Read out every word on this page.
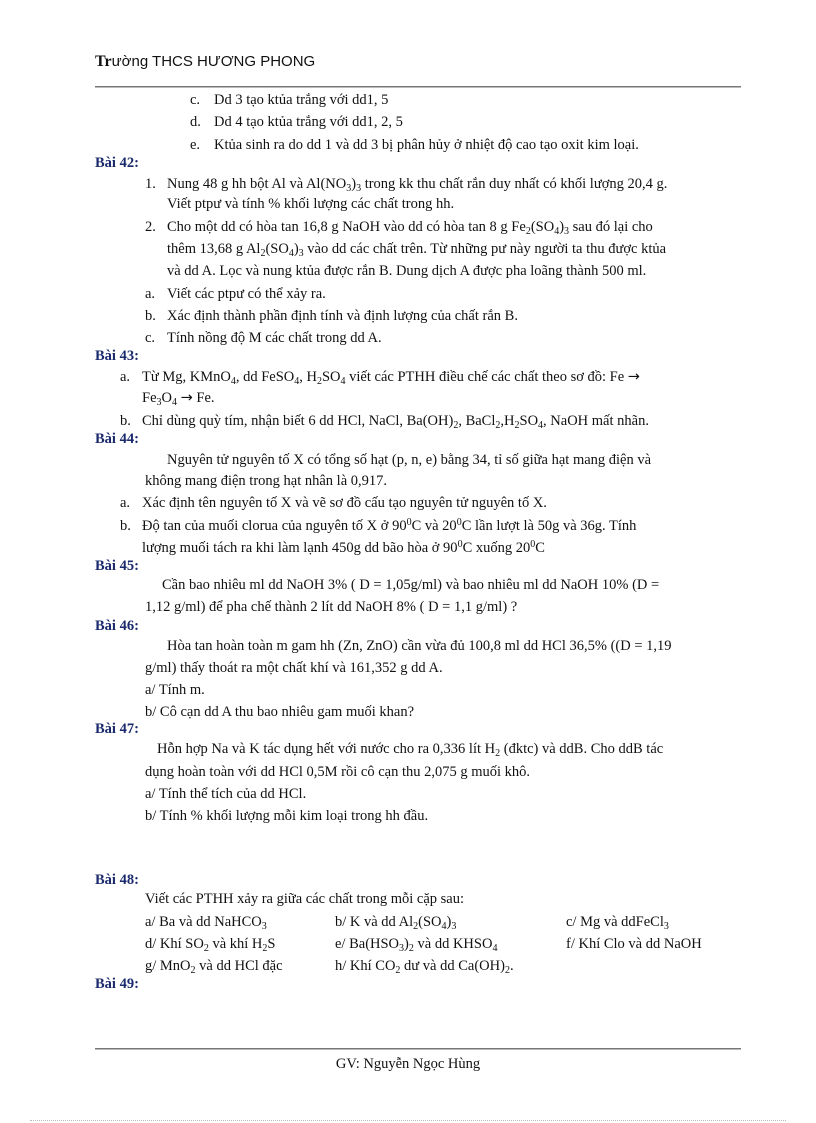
Trường THCS HƯƠNG PHONG
c. Dd 3 tạo ktủa trắng với dd1, 5
d. Dd 4 tạo ktủa trắng với dd1, 2, 5
e. Ktủa sinh ra do dd 1 và dd 3 bị phân hủy ở nhiệt độ cao tạo oxit kim loại.
Bài 42:
1. Nung 48 g hh bột Al và $Al(NO_3)_3$ trong kk thu chất rắn duy nhất có khối lượng 20,4 g.
Viết ptpư và tính % khối lượng các chất trong hh.
2. Cho một dd có hòa tan 16,8 g NaOH vào dd có hòa tan 8 g $Fe_2(SO_4)_3$ sau đó lại cho
thêm 13,68 g $Al_2(SO_4)_3$ vào dd các chất trên. Từ những pư này người ta thu được ktủa
và dd A. Lọc và nung ktủa được rắn B. Dung dịch A được pha loãng thành 500 ml.
a. Viết các ptpư có thể xảy ra.
b. Xác định thành phần định tính và định lượng của chất rắn B.
c. Tính nồng độ M các chất trong dd A.
Bài 43:
a. Từ Mg, KMnO$_4$, dd FeSO$_4$, $H_2SO_4$ viết các PTHH điều chế các chất theo sơ đồ: Fe →
$Fe_3O_4 \to Fe$.
b. Chỉ dùng quỳ tím, nhận biết 6 dd HCl, NaCl, $Ba(OH)_2$, $BaCl_2,H_2SO_4$, NaOH mất nhãn.
Bài 44:
Nguyên tử nguyên tố X có tổng số hạt (p, n, e) bằng 34, tỉ số giữa hạt mang điện và
không mang điện trong hạt nhân là 0,917.
a. Xác định tên nguyên tố X và vẽ sơ đồ cấu tạo nguyên tử nguyên tố X.
b. Độ tan của muối clorua của nguyên tố X ở $90^0C$ và $20^0C$ lần lượt là 50g và 36g. Tính
lượng muối tách ra khi làm lạnh 450g dd bão hòa ở $90^0C$ xuống $20^0C$
Bài 45:
Cần bao nhiêu ml dd NaOH 3% ( D = 1,05g/ml) và bao nhiêu ml dd NaOH 10% (D =
1,12 g/ml) để pha chế thành 2 lít dd NaOH 8% ( D = 1,1 g/ml) ?
Bài 46:
Hòa tan hoàn toàn m gam hh (Zn, ZnO) cần vừa đủ 100,8 ml dd HCl 36,5% ((D = 1,19
g/ml) thấy thoát ra một chất khí và 161,352 g dd A.
a/ Tính m.
b/ Cô cạn dd A thu bao nhiêu gam muối khan?
Bài 47:
Hỗn hợp Na và K tác dụng hết với nước cho ra 0,336 lít $H_2$ (đktc) và ddB. Cho ddB tác
dụng hoàn toàn với dd HCl 0,5M rồi cô cạn thu 2,075 g muối khô.
a/ Tính thể tích của dd HCl.
b/ Tính % khối lượng mỗi kim loại trong hh đầu.
Bài 48:
Viết các PTHH xảy ra giữa các chất trong mỗi cặp sau:
a/ Ba và dd NaHCO$_3$	b/ K và dd $Al_2(SO_4)_3$	c/ Mg và ddFeCl$_3$
d/ Khí $SO_2$ và khí $H_2S$	e/ $Ba(HSO_3)_2$ và dd $KHSO_4$	f/ Khí Clo và dd NaOH
g/ MnO$_2$ và dd HCl đặc	h/ Khí $CO_2$ dư và dd $Ca(OH)_2$.
Bài 49:
GV: Nguyễn Ngọc Hùng
